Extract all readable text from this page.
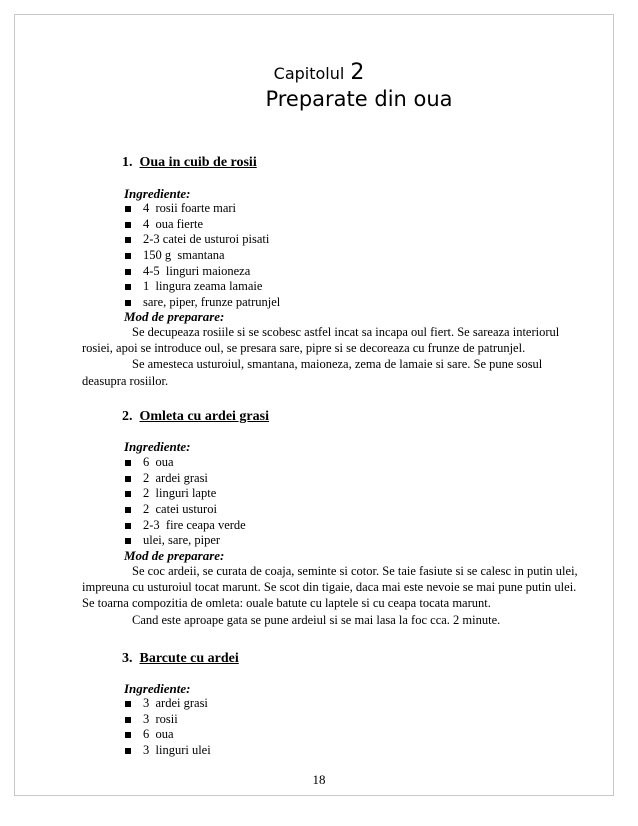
Capitolul 2
Preparate din oua
1. Oua in cuib de rosii
Ingrediente:
4  rosii foarte mari
4  oua fierte
2-3 catei de usturoi pisati
150 g  smantana
4-5  linguri maioneza
1  lingura zeama lamaie
sare, piper, frunze patrunjel
Mod de preparare:

Se decupeaza rosiile si se scobesc astfel incat sa incapa oul fiert. Se sareaza interiorul rosiei, apoi se introduce oul, se presara sare, pipre si se decoreaza cu frunze de patrunjel.

Se amesteca usturoiul, smantana, maioneza, zema de lamaie si sare. Se pune sosul deasupra rosiilor.

2. Omleta cu ardei grasi
Ingrediente:
6  oua
2  ardei grasi
2  linguri lapte
2  catei usturoi
2-3  fire ceapa verde
ulei, sare, piper
Mod de preparare:

Se coc ardeii, se curata de coaja, seminte si cotor. Se taie fasiute si se calesc in putin ulei, impreuna cu usturoiul tocat marunt. Se scot din tigaie, daca mai este nevoie se mai pune putin ulei. Se toarna compozitia de omleta: ouale batute cu laptele si cu ceapa tocata marunt.

Cand este aproape gata se pune ardeiul si se mai lasa la foc cca. 2 minute.

3. Barcute cu ardei
Ingrediente:
3  ardei grasi
3  rosii
6  oua
3  linguri ulei
18
